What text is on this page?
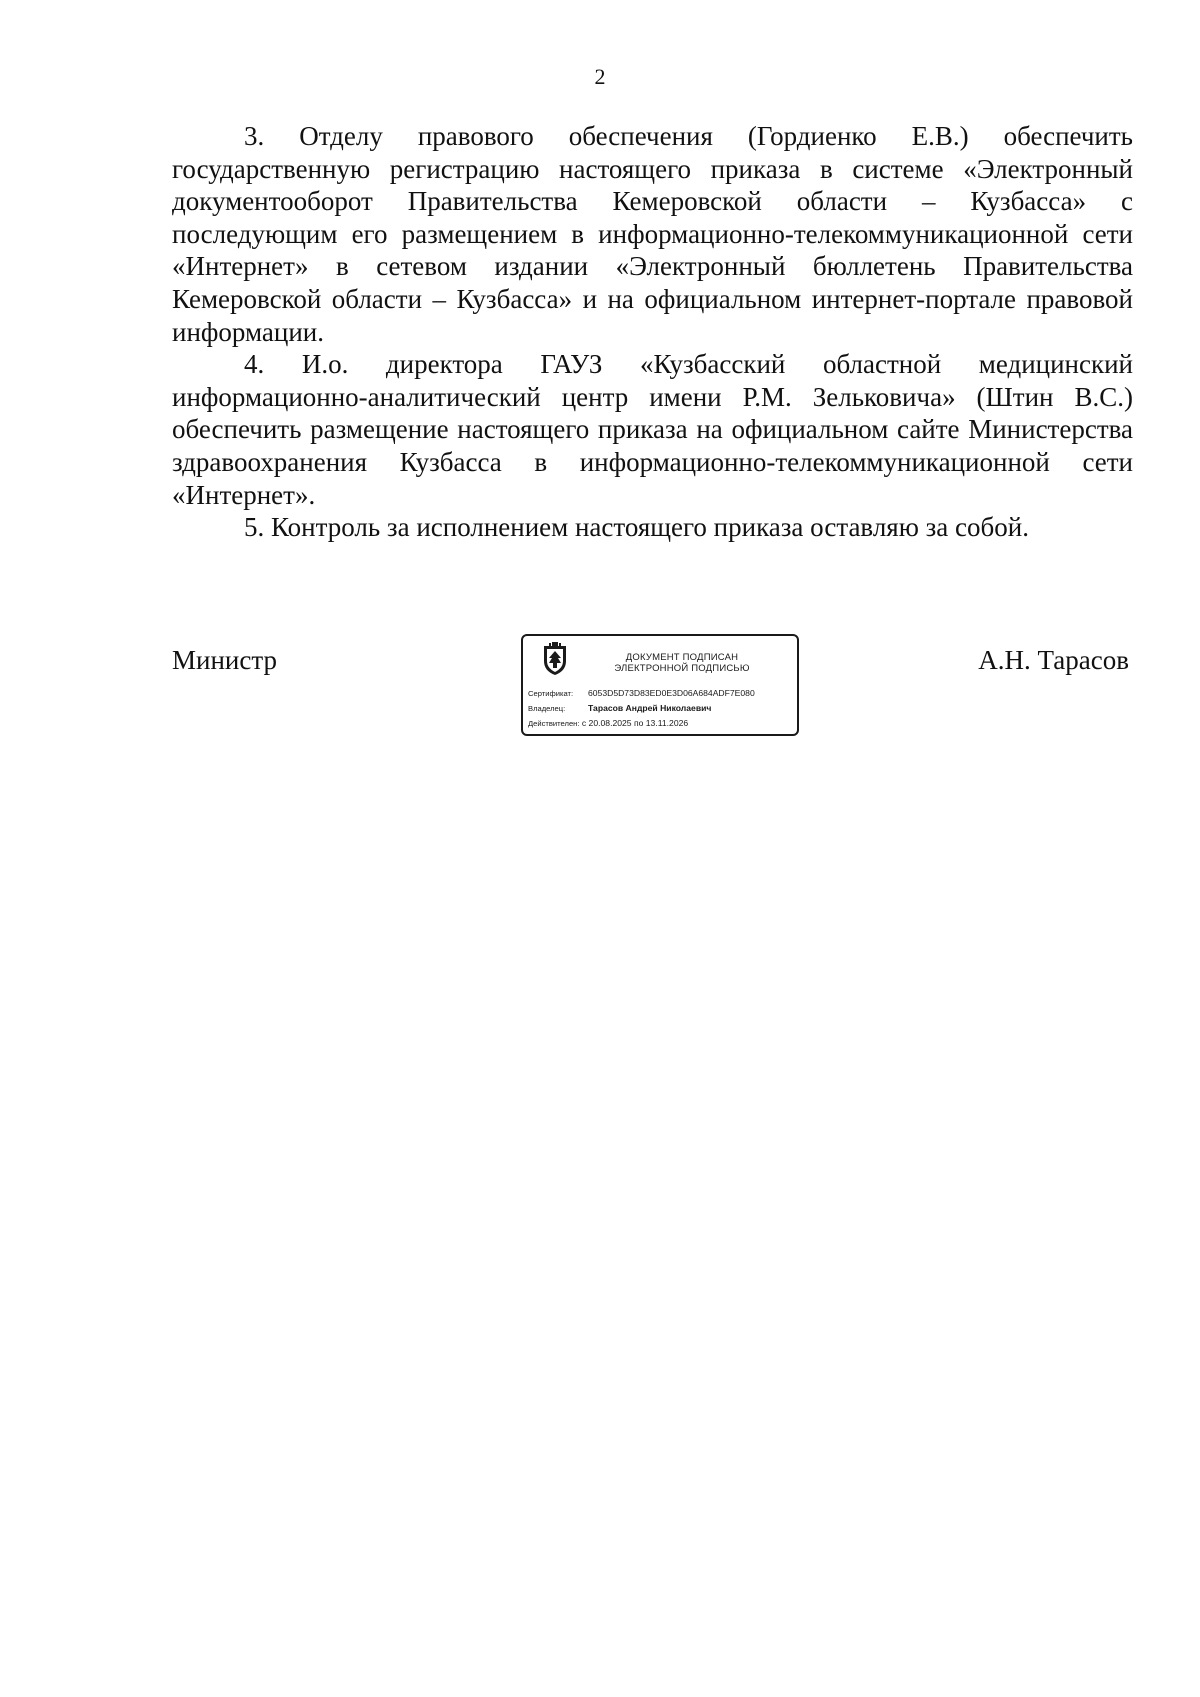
2

3. Отделу правового обеспечения (Гордиенко Е.В.) обеспечить государственную регистрацию настоящего приказа в системе «Электронный документооборот Правительства Кемеровской области – Кузбасса» с последующим его размещением в информационно-телекоммуникационной сети «Интернет» в сетевом издании «Электронный бюллетень Правительства Кемеровской области – Кузбасса» и на официальном интернет-портале правовой информации.

4. И.о. директора ГАУЗ «Кузбасский областной медицинский информационно-аналитический центр имени Р.М. Зельковича» (Штин В.С.) обеспечить размещение настоящего приказа на официальном сайте Министерства здравоохранения Кузбасса в информационно-телекоммуникационной сети «Интернет».

5. Контроль за исполнением настоящего приказа оставляю за собой.

Министр	ДОКУМЕНТ ПОДПИСАН
ЭЛЕКТРОННОЙ ПОДПИСЬЮ
Сертификат: 6053D5D73D83ED0E3D06A684ADF7E080
Владелец:	Тарасов Андрей Николаевич
Действителен: с 20.08.2025 по 13.11.2026
А.Н. Тарасов
